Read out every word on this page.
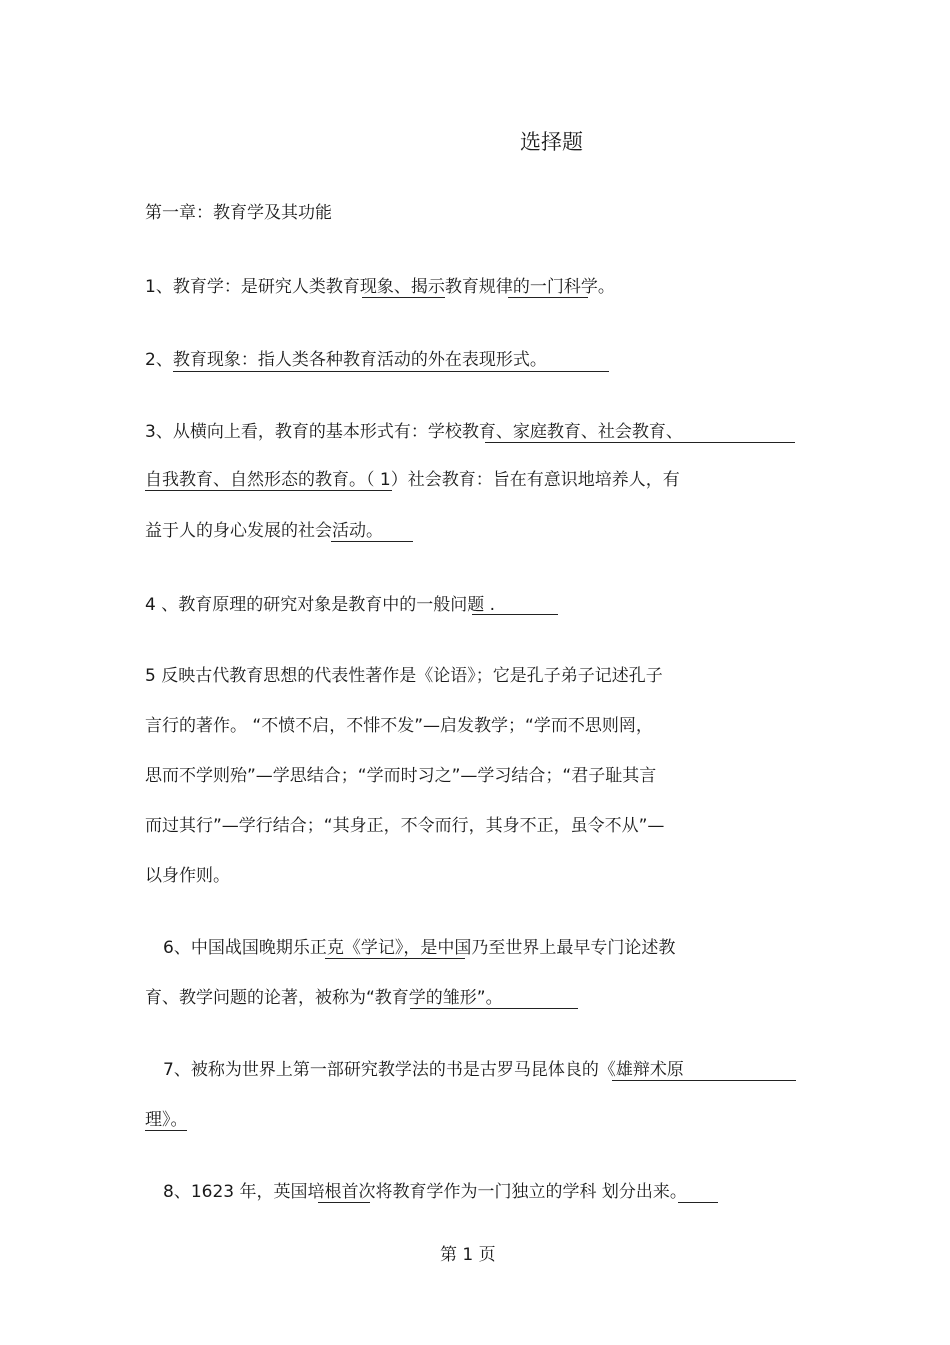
选择题
第一章：教育学及其功能
1、教育学：是研究人类教育现象、揭示教育规律的一门科学。
2、教育现象：指人类各种教育活动的外在表现形式。
3、从横向上看，教育的基本形式有：学校教育、家庭教育、社会教育、
自我教育、自然形态的教育。（ 1）社会教育：旨在有意识地培养人，有
益于人的身心发展的社会活动。
4 、教育原理的研究对象是教育中的一般问题 .
5 反映古代教育思想的代表性著作是《论语》；它是孔子弟子记述孔子
言行的著作。 “不愤不启，不悱不发”—启发教学；“学而不思则罔，
思而不学则殆”—学思结合；“学而时习之”—学习结合；“君子耻其言
而过其行”—学行结合；“其身正，不令而行，其身不正，虽令不从”—
以身作则。
6、中国战国晚期乐正克《学记》，是中国乃至世界上最早专门论述教
育、教学问题的论著，被称为“教育学的雏形”。
7、被称为世界上第一部研究教学法的书是古罗马昆体良的《雄辩术原
理》。
8、1623 年，英国培根首次将教育学作为一门独立的学科 划分出来。
第 1 页
